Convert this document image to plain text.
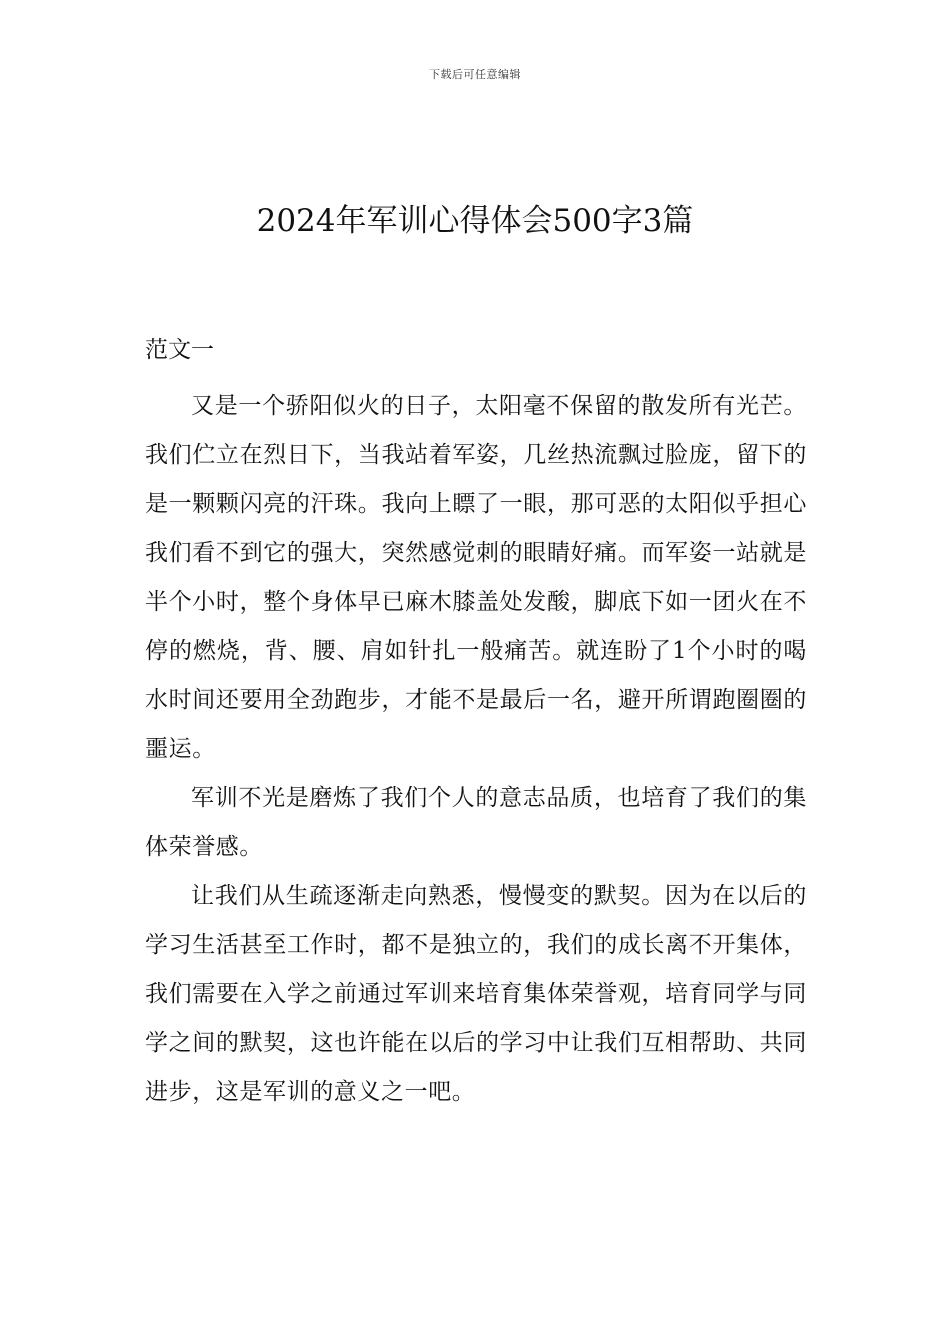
下载后可任意编辑
2024年军训心得体会500字3篇
范文一

又是一个骄阳似火的日子，太阳毫不保留的散发所有光芒。我们伫立在烈日下，当我站着军姿，几丝热流飘过脸庞，留下的是一颗颗闪亮的汗珠。我向上瞟了一眼，那可恶的太阳似乎担心我们看不到它的强大，突然感觉刺的眼睛好痛。而军姿一站就是半个小时，整个身体早已麻木膝盖处发酸，脚底下如一团火在不停的燃烧，背、腰、肩如针扎一般痛苦。就连盼了1个小时的喝水时间还要用全劲跑步，才能不是最后一名，避开所谓跑圈圈的噩运。

军训不光是磨炼了我们个人的意志品质，也培育了我们的集体荣誉感。

让我们从生疏逐渐走向熟悉，慢慢变的默契。因为在以后的学习生活甚至工作时，都不是独立的，我们的成长离不开集体，我们需要在入学之前通过军训来培育集体荣誉观，培育同学与同学之间的默契，这也许能在以后的学习中让我们互相帮助、共同进步，这是军训的意义之一吧。
